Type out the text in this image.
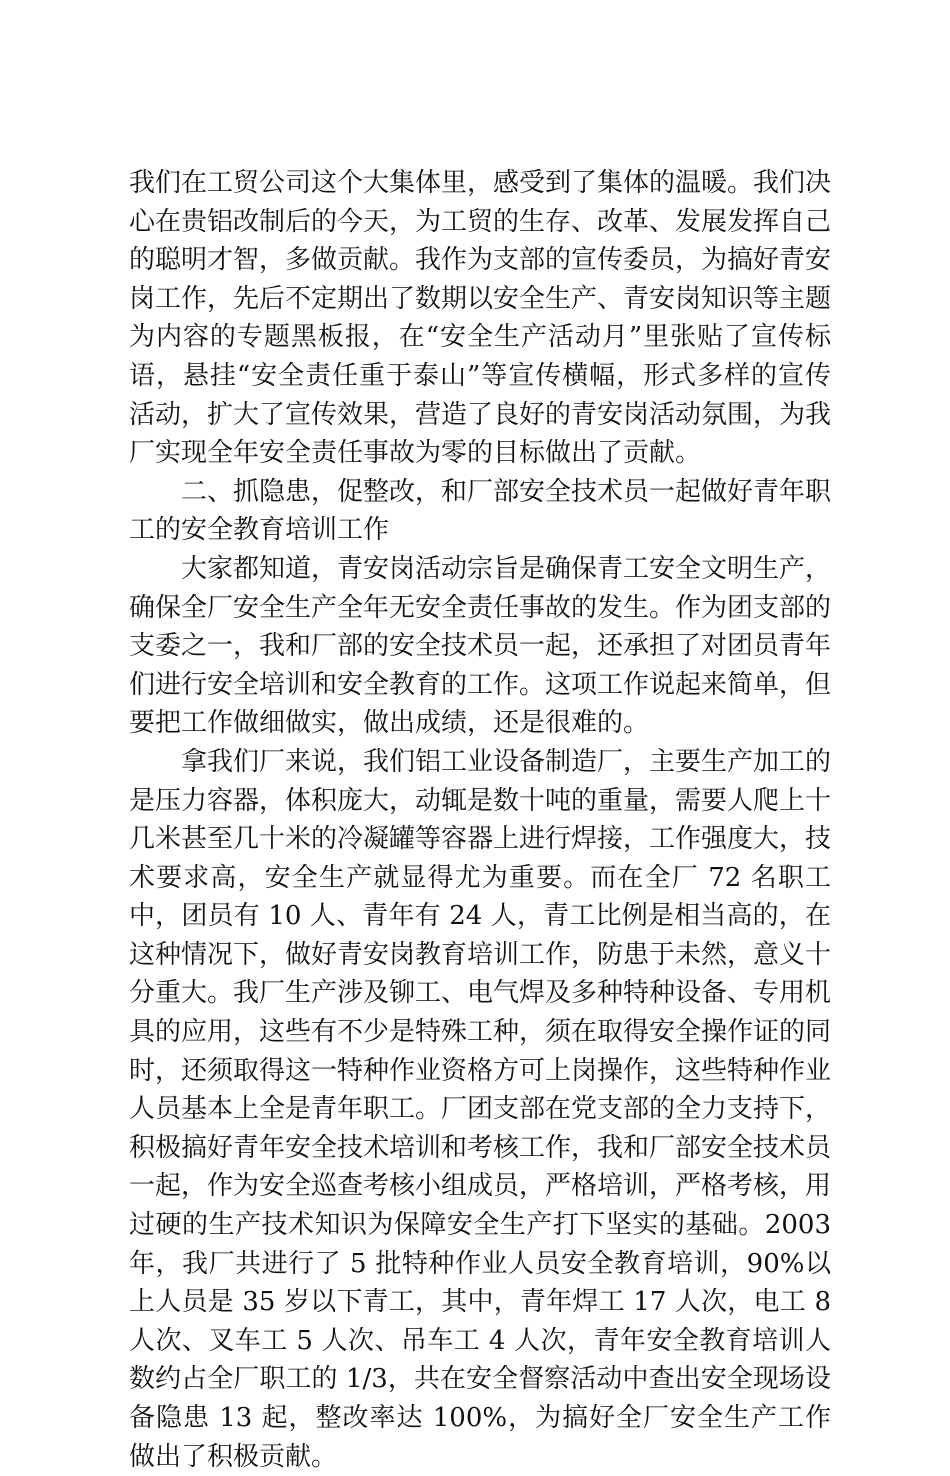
我们在工贸公司这个大集体里，感受到了集体的温暖。我们决心在贵铝改制后的今天，为工贸的生存、改革、发展发挥自己的聪明才智，多做贡献。我作为支部的宣传委员，为搞好青安岗工作，先后不定期出了数期以安全生产、青安岗知识等主题为内容的专题黑板报，在“安全生产活动月”里张贴了宣传标语，悬挂“安全责任重于泰山”等宣传横幅，形式多样的宣传活动，扩大了宣传效果，营造了良好的青安岗活动氛围，为我厂实现全年安全责任事故为零的目标做出了贡献。

二、抓隐患，促整改，和厂部安全技术员一起做好青年职工的安全教育培训工作

大家都知道，青安岗活动宗旨是确保青工安全文明生产，确保全厂安全生产全年无安全责任事故的发生。作为团支部的支委之一，我和厂部的安全技术员一起，还承担了对团员青年们进行安全培训和安全教育的工作。这项工作说起来简单，但要把工作做细做实，做出成绩，还是很难的。

拿我们厂来说，我们铝工业设备制造厂，主要生产加工的是压力容器，体积庞大，动辄是数十吨的重量，需要人爬上十几米甚至几十米的冷凝罐等容器上进行焊接，工作强度大，技术要求高，安全生产就显得尤为重要。而在全厂 72 名职工中，团员有 10 人、青年有 24 人，青工比例是相当高的，在这种情况下，做好青安岗教育培训工作，防患于未然，意义十分重大。我厂生产涉及铆工、电气焊及多种特种设备、专用机具的应用，这些有不少是特殊工种，须在取得安全操作证的同时，还须取得这一特种作业资格方可上岗操作，这些特种作业人员基本上全是青年职工。厂团支部在党支部的全力支持下，积极搞好青年安全技术培训和考核工作，我和厂部安全技术员一起，作为安全巡查考核小组成员，严格培训，严格考核，用过硬的生产技术知识为保障安全生产打下坚实的基础。2003 年，我厂共进行了 5 批特种作业人员安全教育培训，90%以上人员是 35 岁以下青工，其中，青年焊工 17 人次，电工 8 人次、叉车工 5 人次、吊车工 4 人次，青年安全教育培训人数约占全厂职工的 1/3，共在安全督察活动中查出安全现场设备隐患 13 起，整改率达 100%，为搞好全厂安全生产工作做出了积极贡献。
